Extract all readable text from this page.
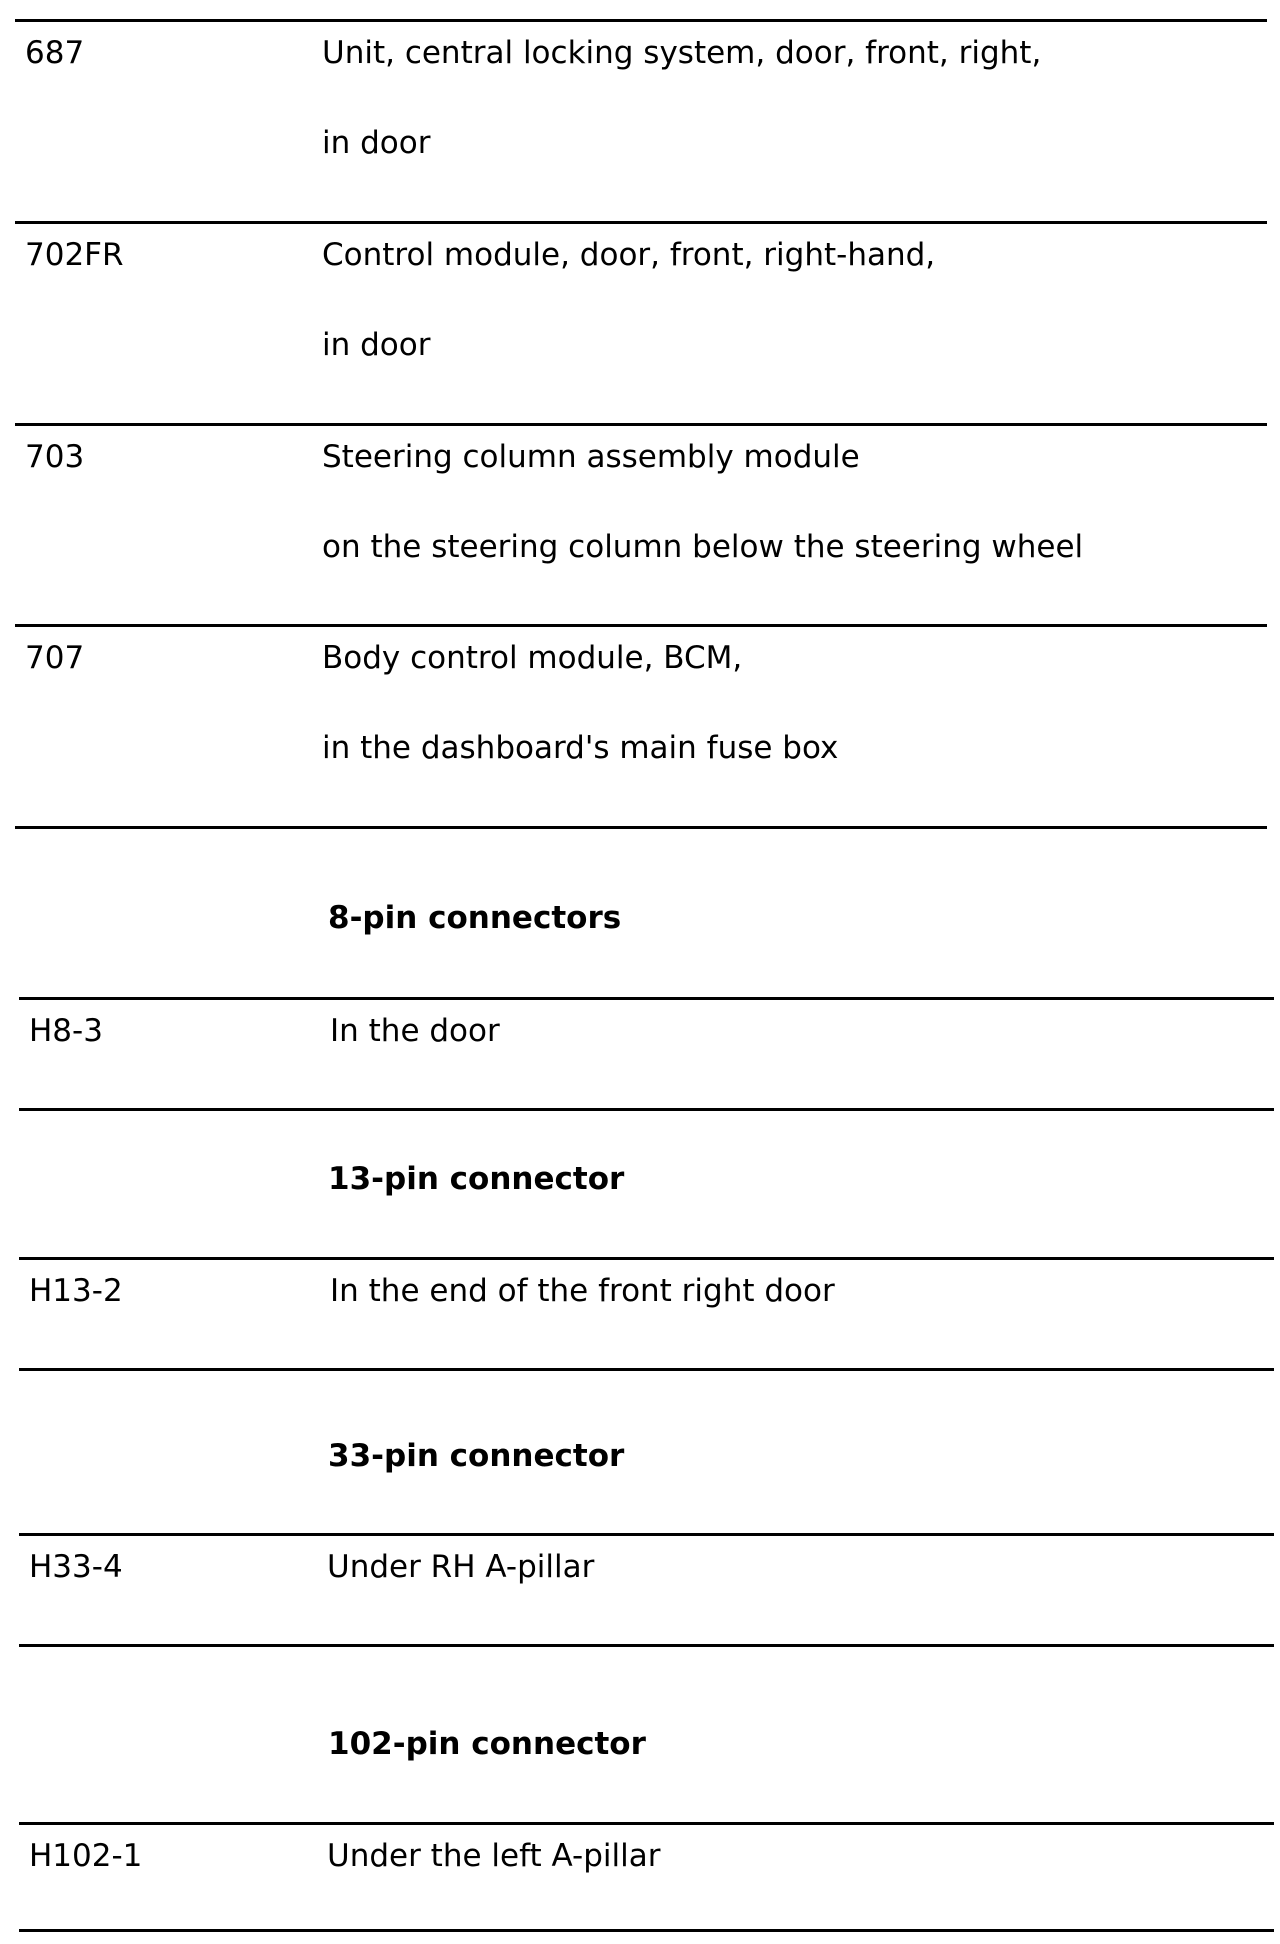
687	Unit, central locking system, door, front, right,
in door
702FR	Control module, door, front, right-hand,
in door
703	Steering column assembly module
on the steering column below the steering wheel
707	Body control module, BCM,
in the dashboard's main fuse box
8-pin connectors
H8-3	In the door
13-pin connector
H13-2	In the end of the front right door
33-pin connector
H33-4	Under RH A-pillar
102-pin connector
H102-1	Under the left A-pillar
